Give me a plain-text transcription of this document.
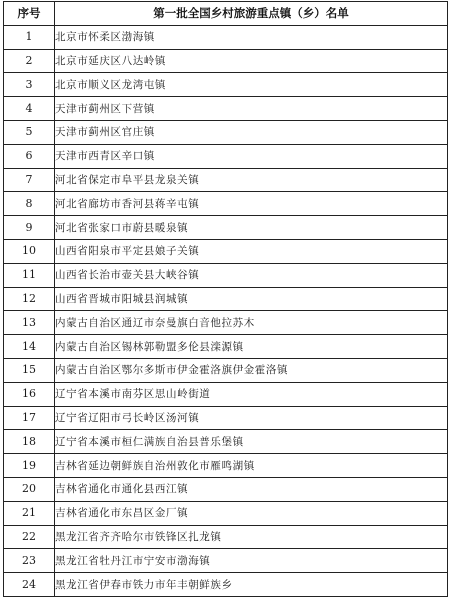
序号	第一批全国乡村旅游重点镇（乡）名单
1	北京市怀柔区渤海镇
2	北京市延庆区八达岭镇
3	北京市顺义区龙湾屯镇
4	天津市蓟州区下营镇
5	天津市蓟州区官庄镇
6	天津市西青区辛口镇
7	河北省保定市阜平县龙泉关镇
8	河北省廊坊市香河县蒋辛屯镇
9	河北省张家口市蔚县暖泉镇
10	山西省阳泉市平定县娘子关镇
11	山西省长治市壶关县大峡谷镇
12	山西省晋城市阳城县润城镇
13	内蒙古自治区通辽市奈曼旗白音他拉苏木
14	内蒙古自治区锡林郭勒盟多伦县滦源镇
15	内蒙古自治区鄂尔多斯市伊金霍洛旗伊金霍洛镇
16	辽宁省本溪市南芬区思山岭街道
17	辽宁省辽阳市弓长岭区汤河镇
18	辽宁省本溪市桓仁满族自治县普乐堡镇
19	吉林省延边朝鲜族自治州敦化市雁鸣湖镇
20	吉林省通化市通化县西江镇
21	吉林省通化市东昌区金厂镇
22	黑龙江省齐齐哈尔市铁锋区扎龙镇
23	黑龙江省牡丹江市宁安市渤海镇
24	黑龙江省伊春市铁力市年丰朝鲜族乡
